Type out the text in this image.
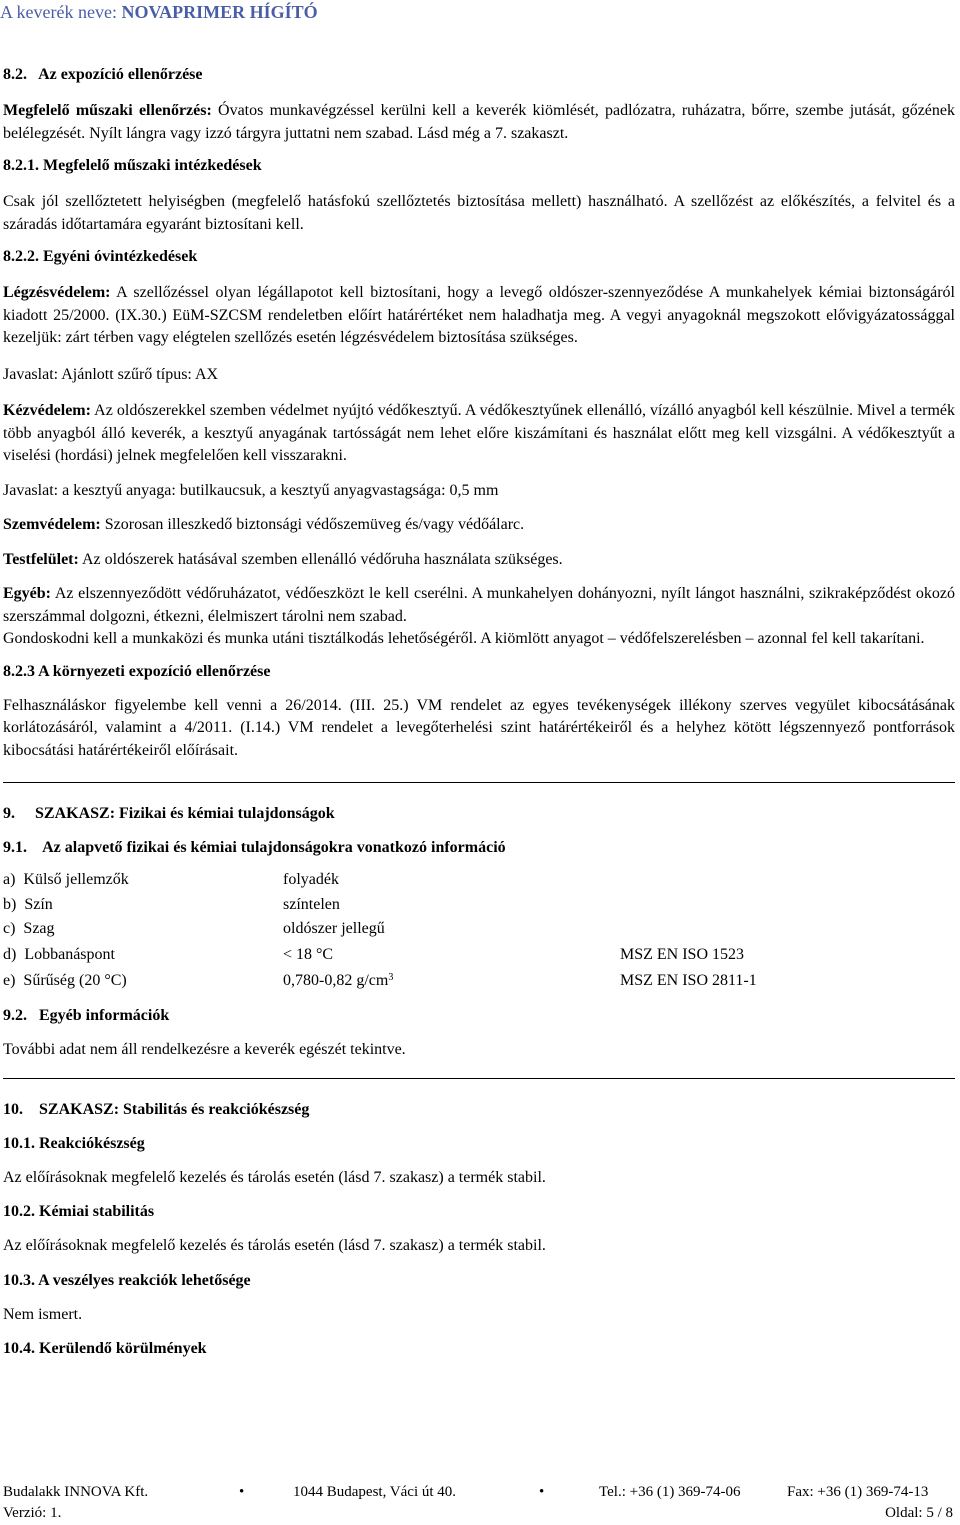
A keverék neve: NOVAPRIMER HÍGÍTÓ

8.2.   Az expozíció ellenőrzése

Megfelelő műszaki ellenőrzés: Óvatos munkavégzéssel kerülni kell a keverék kiömlését, padlózatra, ruházatra, bőrre, szembe jutását, gőzének belélegzését. Nyílt lángra vagy izzó tárgyra juttatni nem szabad. Lásd még a 7. szakaszt.

8.2.1. Megfelelő műszaki intézkedések

Csak jól szellőztetett helyiségben (megfelelő hatásfokú szellőztetés biztosítása mellett) használható. A szellőzést az előkészítés, a felvitel és a száradás időtartamára egyaránt biztosítani kell.

8.2.2. Egyéni óvintézkedések

Légzésvédelem: A szellőzéssel olyan légállapotot kell biztosítani, hogy a levegő oldószer-szennyeződése A munkahelyek kémiai biztonságáról kiadott 25/2000. (IX.30.) EüM-SZCSM rendeletben előírt határértéket nem haladhatja meg. A vegyi anyagoknál megszokott elővigyázatossággal kezeljük: zárt térben vagy elégtelen szellőzés esetén légzésvédelem biztosítása szükséges.

Javaslat: Ajánlott szűrő típus: AX

Kézvédelem: Az oldószerekkel szemben védelmet nyújtó védőkesztyű. A védőkesztyűnek ellenálló, vízálló anyagból kell készülnie. Mivel a termék több anyagból álló keverék, a kesztyű anyagának tartósságát nem lehet előre kiszámítani és használat előtt meg kell vizsgálni. A védőkesztyűt a viselési (hordási) jelnek megfelelően kell visszarakni.

Javaslat: a kesztyű anyaga: butilkaucsuk, a kesztyű anyagvastagsága: 0,5 mm

Szemvédelem: Szorosan illeszkedő biztonsági védőszemüveg és/vagy védőálarc.

Testfelület: Az oldószerek hatásával szemben ellenálló védőruha használata szükséges.

Egyéb: Az elszennyeződött védőruházatot, védőeszközt le kell cserélni. A munkahelyen dohányozni, nyílt lángot használni, szikraképződést okozó szerszámmal dolgozni, étkezni, élelmiszert tárolni nem szabad.

Gondoskodni kell a munkaközi és munka utáni tisztálkodás lehetőségéről. A kiömlött anyagot – védőfelszerelésben – azonnal fel kell takarítani.

8.2.3 A környezeti expozíció ellenőrzése

Felhasználáskor figyelembe kell venni a 26/2014. (III. 25.) VM rendelet az egyes tevékenységek illékony szerves vegyület kibocsátásának korlátozásáról, valamint a 4/2011. (I.14.) VM rendelet a levegőterhelési szint határértékeiről és a helyhez kötött légszennyező pontforrások kibocsátási határértékeiről előírásait.

9.     SZAKASZ: Fizikai és kémiai tulajdonságok

9.1.    Az alapvető fizikai és kémiai tulajdonságokra vonatkozó információ

a)  Külső jellemzők	folyadék
b)  Szín	színtelen
c)  Szag	oldószer jellegű
d)  Lobbanáspont	< 18 °C	MSZ EN ISO 1523
e)  Sűrűség (20 °C)	0,780-0,82 $g/cm^3$	MSZ EN ISO 2811-1

9.2.   Egyéb információk

További adat nem áll rendelkezésre a keverék egészét tekintve.

10.    SZAKASZ: Stabilitás és reakciókészség

10.1. Reakciókészség

Az előírásoknak megfelelő kezelés és tárolás esetén (lásd 7. szakasz) a termék stabil.

10.2. Kémiai stabilitás

Az előírásoknak megfelelő kezelés és tárolás esetén (lásd 7. szakasz) a termék stabil.

10.3. A veszélyes reakciók lehetősége

Nem ismert.

10.4. Kerülendő körülmények

Budalakk INNOVA Kft.	•	1044 Budapest, Váci út 40.	•	Tel.: +36 (1) 369-74-06	Fax: +36 (1) 369-74-13
Verzió: 1.	Oldal: 5 / 8
